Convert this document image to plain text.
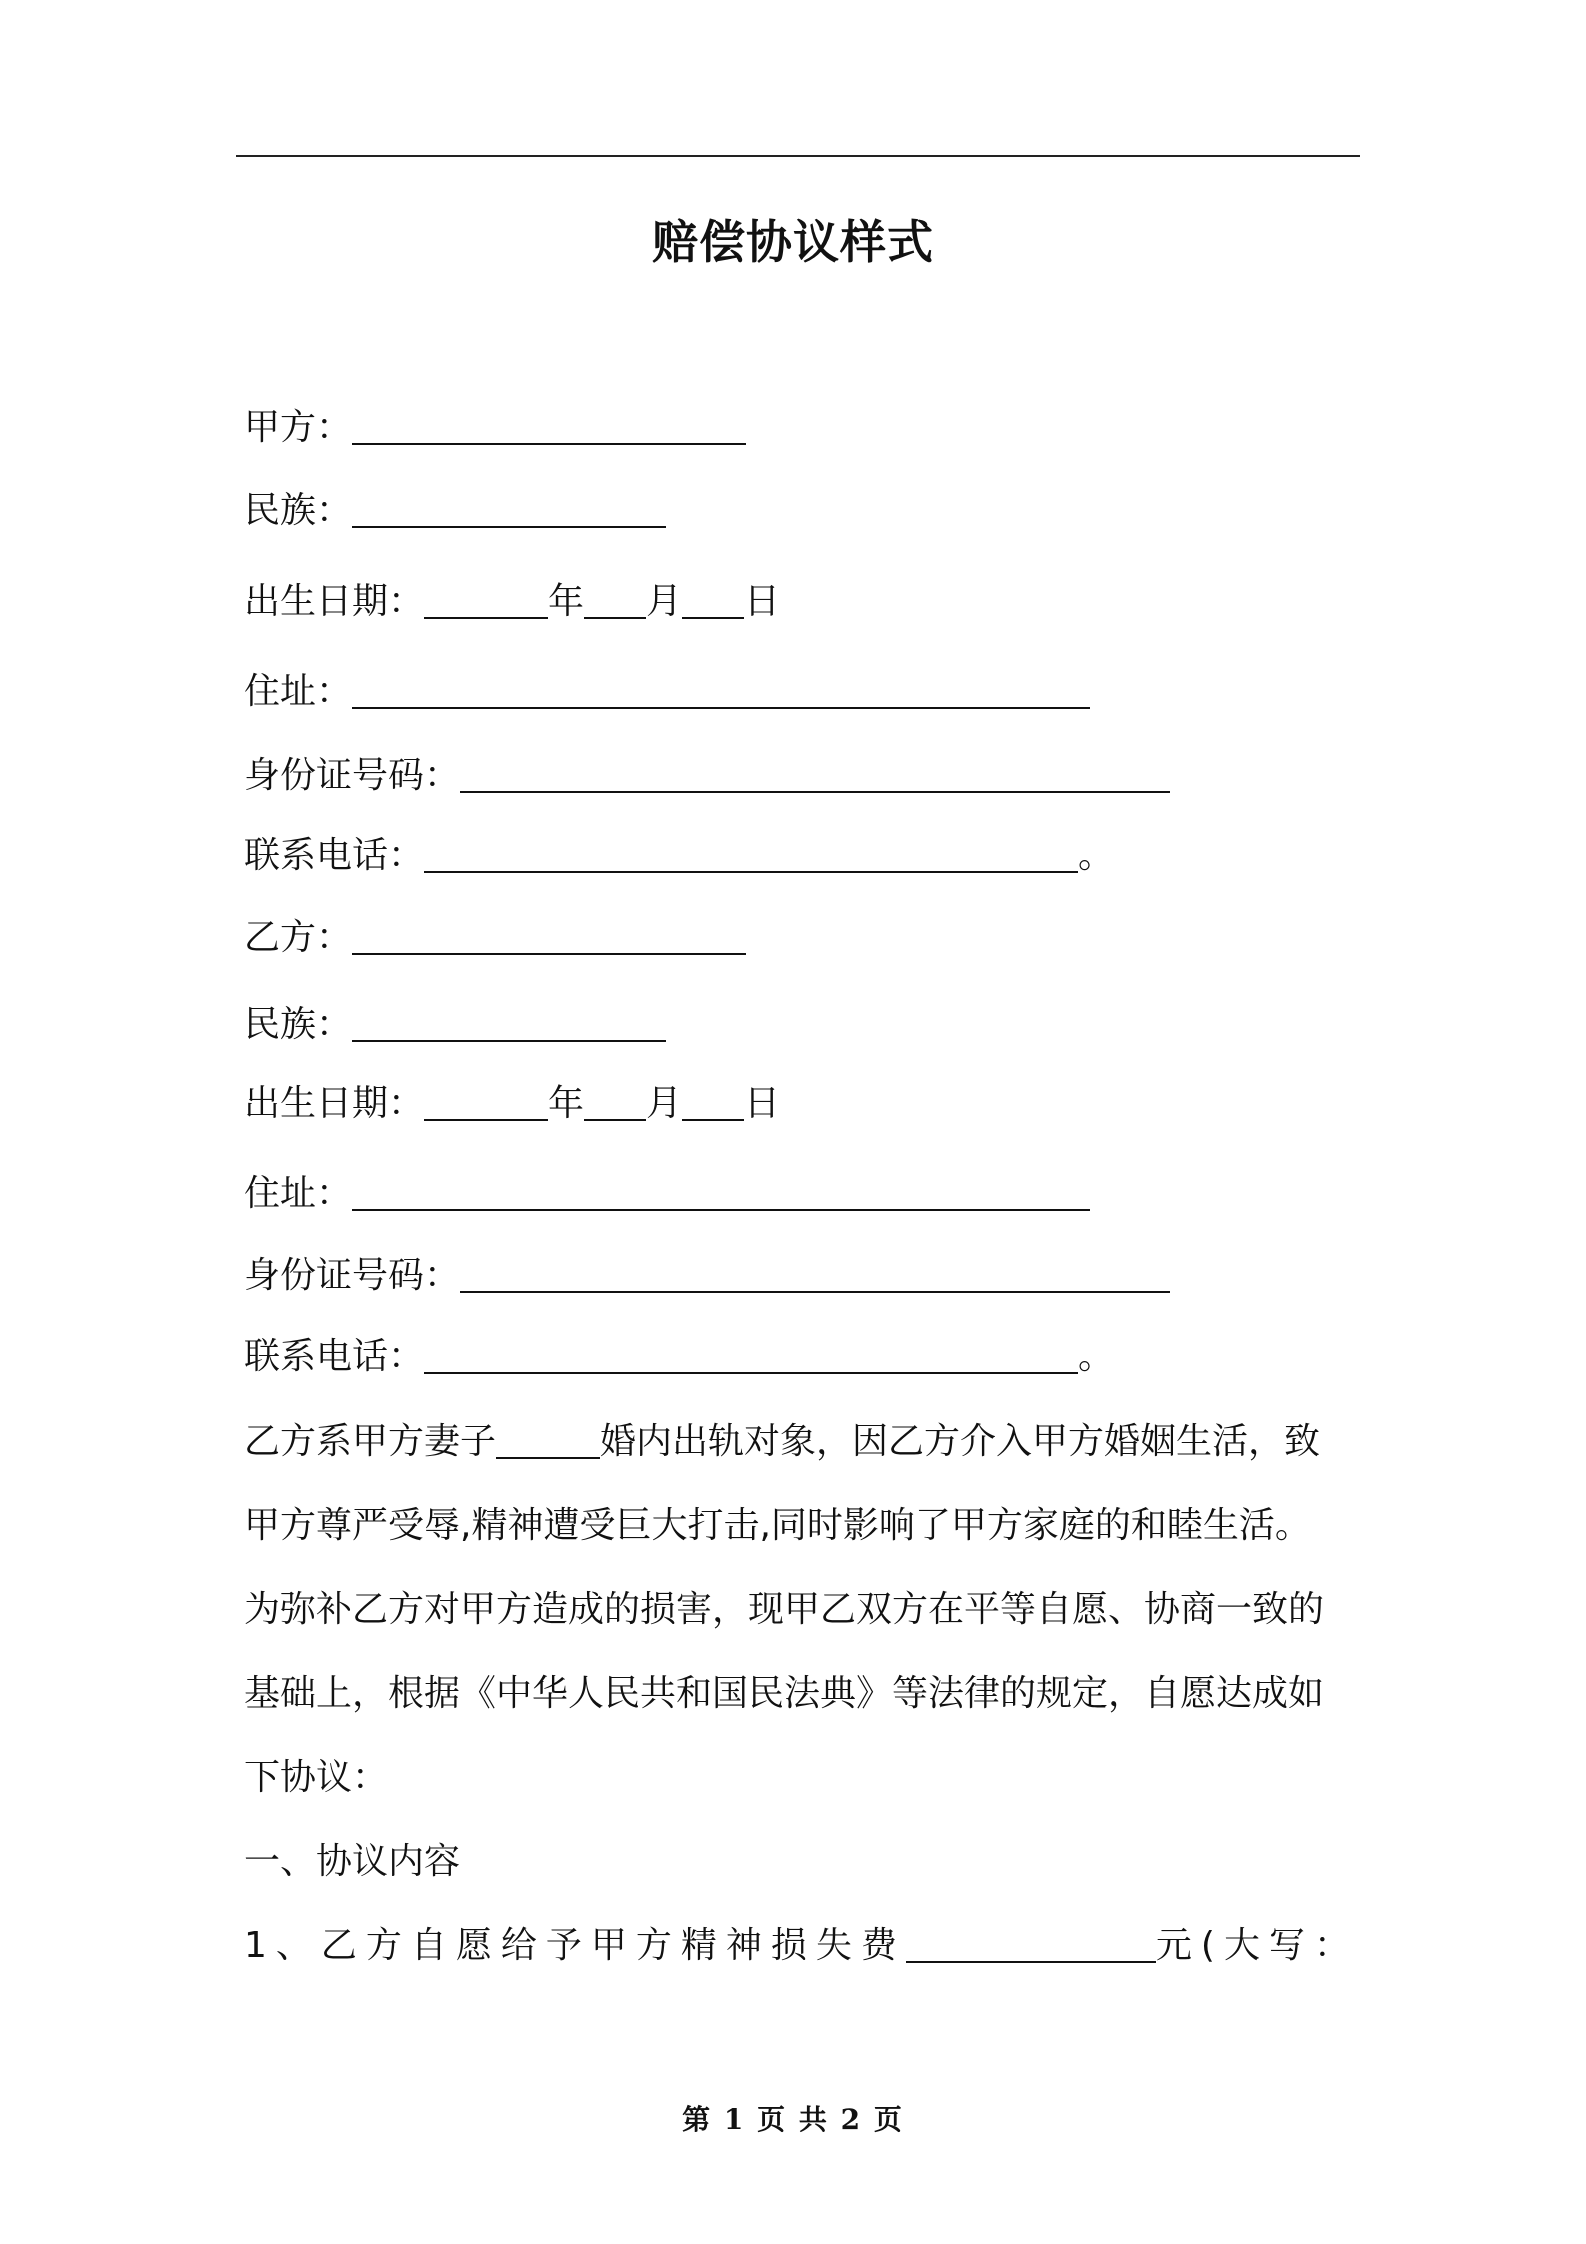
赔偿协议样式
甲方：
民族：
出生日期：	年 月 日
住址：
身份证号码：
联系电话：	。
乙方：
民族：
出生日期：	年 月 日
住址：
身份证号码：
联系电话：	。
乙方系甲方妻子	婚内出轨对象，因乙方介入甲方婚姻生活，致
甲方尊严受辱,精神遭受巨大打击,同时影响了甲方家庭的和睦生活。
为弥补乙方对甲方造成的损害，现甲乙双方在平等自愿、协商一致的
基础上，根据《中华人民共和国民法典》等法律的规定，自愿达成如
下协议：
一、协议内容
1、乙方自愿给予甲方精神损失费	元(大写：
第 1 页 共 2 页
